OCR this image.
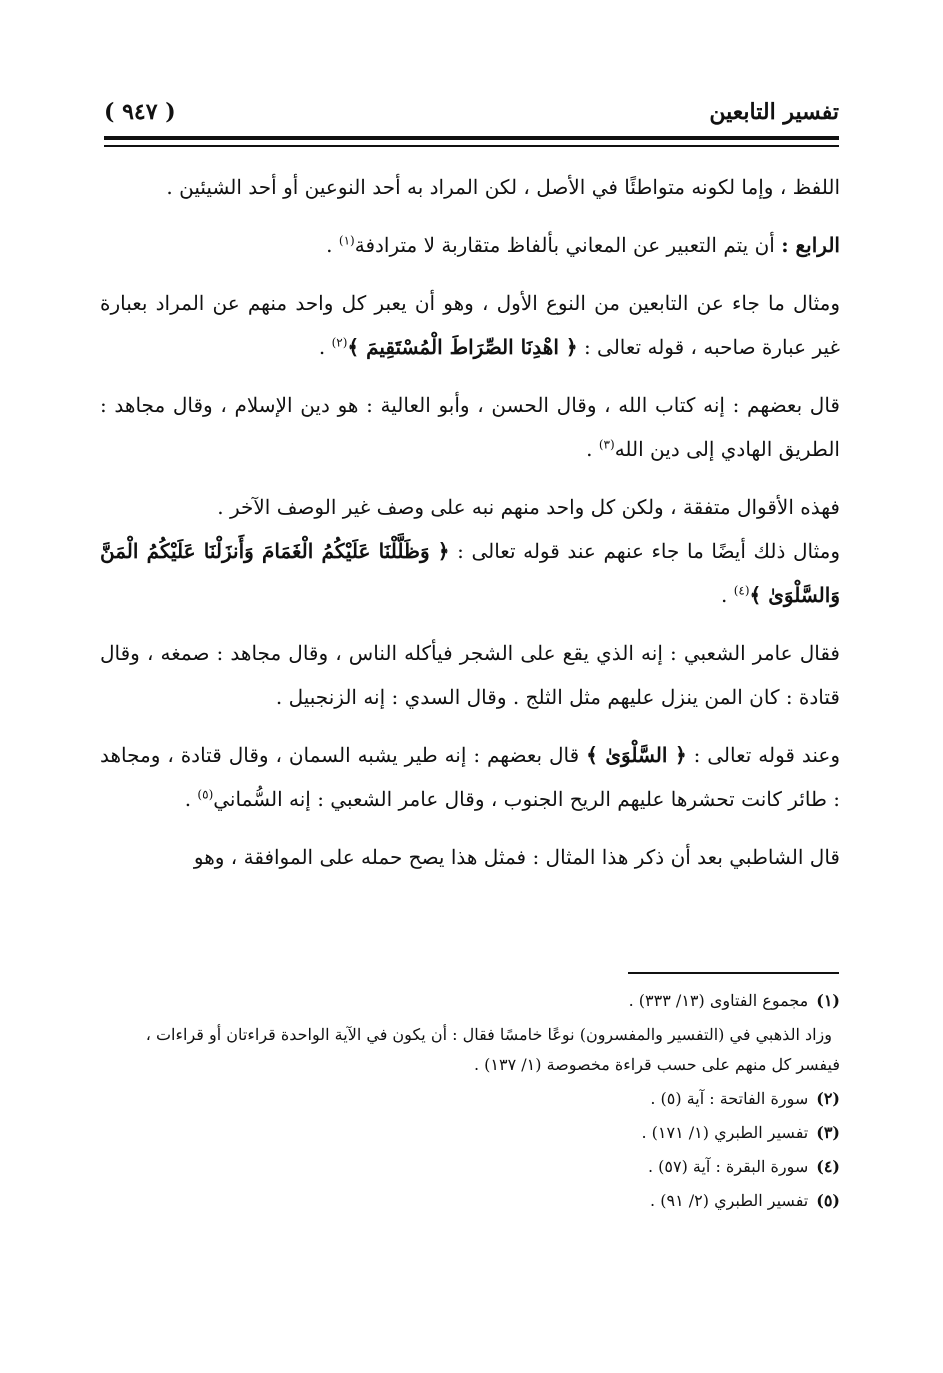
تفسير التابعين
( ٩٤٧ )

اللفظ ، وإما لكونه متواطئًا في الأصل ، لكن المراد به أحد النوعين أو أحد الشيئين .

الرابع : أن يتم التعبير عن المعاني بألفاظ متقاربة لا مترادفة$^{(١)}$ .

ومثال ما جاء عن التابعين من النوع الأول ، وهو أن يعبر كل واحد منهم عن المراد بعبارة غير عبارة صاحبه ، قوله تعالى : ﴿ اهْدِنَا الصِّرَاطَ الْمُسْتَقِيمَ ﴾$^{(٢)}$ .

قال بعضهم : إنه كتاب الله ، وقال الحسن ، وأبو العالية : هو دين الإسلام ، وقال مجاهد : الطريق الهادي إلى دين الله$^{(٣)}$ .

فهذه الأقوال متفقة ، ولكن كل واحد منهم نبه على وصف غير الوصف الآخر .
ومثال ذلك أيضًا ما جاء عنهم عند قوله تعالى : ﴿ وَظَلَّلْنَا عَلَيْكُمُ الْغَمَامَ وَأَنزَلْنَا عَلَيْكُمُ الْمَنَّ وَالسَّلْوَىٰ ﴾$^{(٤)}$ .

فقال عامر الشعبي : إنه الذي يقع على الشجر فيأكله الناس ، وقال مجاهد : صمغه ، وقال قتادة : كان المن ينزل عليهم مثل الثلج . وقال السدي : إنه الزنجبيل .

وعند قوله تعالى : ﴿ السَّلْوَىٰ ﴾ قال بعضهم : إنه طير يشبه السمان ، وقال قتادة ، ومجاهد : طائر كانت تحشرها عليهم الريح الجنوب ، وقال عامر الشعبي : إنه السُّماني$^{(٥)}$ .

قال الشاطبي بعد أن ذكر هذا المثال : فمثل هذا يصح حمله على الموافقة ، وهو

(١)مجموع الفتاوى (١٣/ ٣٣٣) .

وزاد الذهبي في (التفسير والمفسرون) نوعًا خامسًا فقال : أن يكون في الآية الواحدة قراءتان أو قراءات ، فيفسر كل منهم على حسب قراءة مخصوصة (١/ ١٣٧) .

(٢)سورة الفاتحة : آية (٥) .

(٣)تفسير الطبري (١/ ١٧١) .

(٤)سورة البقرة : آية (٥٧) .

(٥)تفسير الطبري (٢/ ٩١) .
